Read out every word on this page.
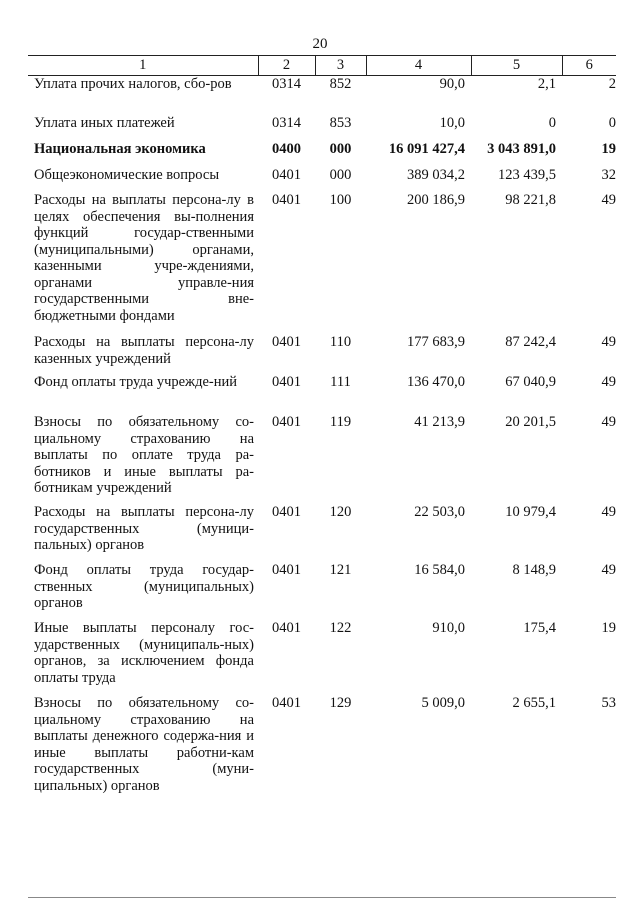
20
1	2	3	4	5	6
Уплата прочих налогов, сбо-ров	0314	852	90,0	2,1	2
Уплата иных платежей	0314	853	10,0	0	0
Национальная экономика	0400	000	16 091 427,4	3 043 891,0	19
Общеэкономические вопросы	0401	000	389 034,2	123 439,5	32
Расходы на выплаты персона-лу в целях обеспечения вы-полнения функций государ-ственными (муниципальными) органами, казенными учре-ждениями, органами управле-ния государственными вне-бюджетными фондами	0401	100	200 186,9	98 221,8	49
Расходы на выплаты персона-лу казенных учреждений	0401	110	177 683,9	87 242,4	49
Фонд оплаты труда учрежде-ний	0401	111	136 470,0	67 040,9	49
Взносы по обязательному со-циальному страхованию на выплаты по оплате труда ра-ботников и иные выплаты ра-ботникам учреждений	0401	119	41 213,9	20 201,5	49
Расходы на выплаты персона-лу государственных (муници-пальных) органов	0401	120	22 503,0	10 979,4	49
Фонд оплаты труда государ-ственных (муниципальных) органов	0401	121	16 584,0	8 148,9	49
Иные выплаты персоналу гос-ударственных (муниципаль-ных) органов, за исключением фонда оплаты труда	0401	122	910,0	175,4	19
Взносы по обязательному со-циальному страхованию на выплаты денежного содержа-ния и иные выплаты работни-кам государственных (муни-ципальных) органов	0401	129	5 009,0	2 655,1	53
